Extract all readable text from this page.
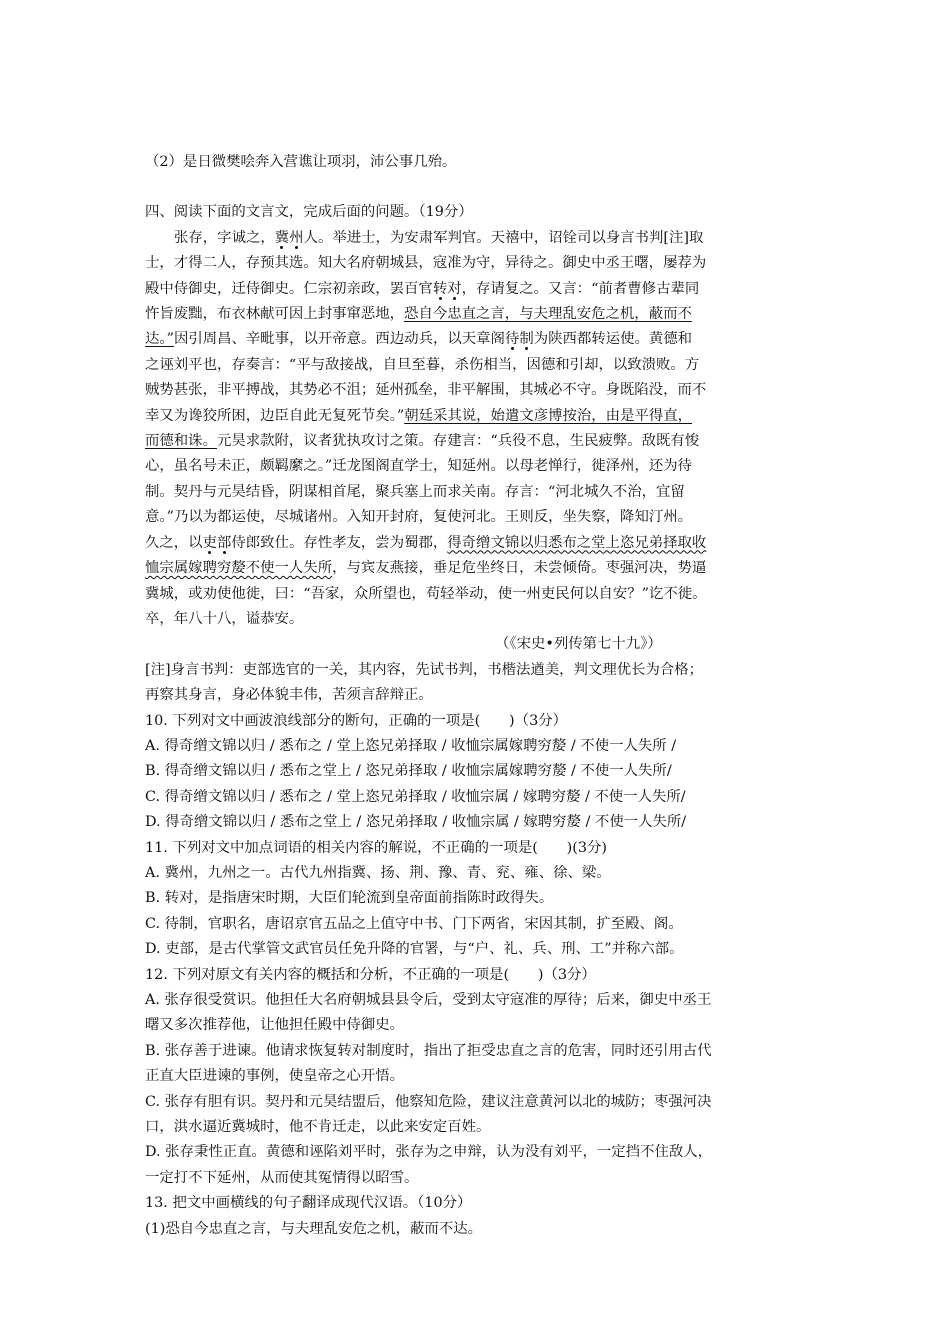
（2）是日微樊哙奔入营谯让项羽，沛公事几殆。
四、阅读下面的文言文，完成后面的问题。（19分）
张存，字诚之，冀州人。举进士，为安肃军判官。天禧中，诏铨司以身言书判[注]取
士，才得二人，存预其选。知大名府朝城县，寇准为守，异待之。御史中丞王曙，屡荐为
殿中侍御史，迁侍御史。仁宗初亲政，罢百官转对，存请复之。又言：“前者曹修古辈同
忤旨废黜，布衣林献可因上封事窜恶地，恐自今忠直之言，与夫理乱安危之机，蔽而不
达。”因引周昌、辛毗事，以开帝意。西边动兵，以天章阁待制为陕西都转运使。黄德和
之诬刘平也，存奏言：“平与敌接战，自旦至暮，杀伤相当，因德和引却，以致溃败。方
贼势甚张，非平搏战，其势必不沮；延州孤垒，非平解围，其城必不守。身既陷没，而不
幸又为谗狡所困，边臣自此无复死节矣。”朝廷采其说，始遣文彦博按治，由是平得直，
而德和诛。元昊求款附，议者犹执攻讨之策。存建言：“兵役不息，生民疲弊。敌既有悛
心，虽名号未正，颇羁縻之。”迁龙图阁直学士，知延州。以母老惮行，徙泽州，还为待
制。契丹与元昊结昏，阴谋相首尾，聚兵塞上而求关南。存言：“河北城久不治，宜留
意。”乃以为都运使，尽城诸州。入知开封府，复使河北。王则反，坐失察，降知汀州。
久之，以吏部侍郎致仕。存性孝友，尝为蜀郡，得奇缯文锦以归悉布之堂上恣兄弟择取收
恤宗属嫁聘穷嫠不使一人失所，与宾友燕接，垂足危坐终日，未尝倾倚。枣强河决，势逼
冀城，或劝使他徙，曰：“吾家，众所望也，苟轻举动，使一州吏民何以自安？”讫不徙。
卒，年八十八，谥恭安。
（《宋史•列传第七十九》）
[注]身言书判：吏部选官的一关，其内容，先试书判，书楷法遒美，判文理优长为合格；
再察其身言，身必体貌丰伟，苦须言辞辩正。
10. 下列对文中画波浪线部分的断句，正确的一项是(　　)（3分）
A. 得奇缯文锦以归 / 悉布之 / 堂上恣兄弟择取 / 收恤宗属嫁聘穷嫠 / 不使一人失所 /
B. 得奇缯文锦以归 / 悉布之堂上 / 恣兄弟择取 / 收恤宗属嫁聘穷嫠 / 不使一人失所/
C. 得奇缯文锦以归 / 悉布之 / 堂上恣兄弟择取 / 收恤宗属 / 嫁聘穷嫠 / 不使一人失所/
D. 得奇缯文锦以归 / 悉布之堂上 / 恣兄弟择取 / 收恤宗属 / 嫁聘穷嫠 / 不使一人失所/
11. 下列对文中加点词语的相关内容的解说，不正确的一项是(　　)(3分)
A. 冀州，九州之一。古代九州指冀、扬、荆、豫、青、兖、雍、徐、梁。
B. 转对，是指唐宋时期，大臣们轮流到皇帝面前指陈时政得失。
C. 待制，官职名，唐诏京官五品之上值守中书、门下两省，宋因其制，扩至殿、阁。
D. 吏部，是古代掌管文武官员任免升降的官署，与“户、礼、兵、刑、工”并称六部。
12. 下列对原文有关内容的概括和分析，不正确的一项是(　　)（3分）
A. 张存很受赏识。他担任大名府朝城县县令后，受到太守寇准的厚待；后来，御史中丞王
曙又多次推荐他，让他担任殿中侍御史。
B. 张存善于进谏。他请求恢复转对制度时，指出了拒受忠直之言的危害，同时还引用古代
正直大臣进谏的事例，使皇帝之心开悟。
C. 张存有胆有识。契丹和元昊结盟后，他察知危险，建议注意黄河以北的城防；枣强河决
口，洪水逼近冀城时，他不肯迁走，以此来安定百姓。
D. 张存秉性正直。黄德和诬陷刘平时，张存为之申辩，认为没有刘平，一定挡不住敌人，
一定打不下延州，从而使其冤情得以昭雪。
13. 把文中画横线的句子翻译成现代汉语。（10分）
(1)恐自今忠直之言，与夫理乱安危之机，蔽而不达。
